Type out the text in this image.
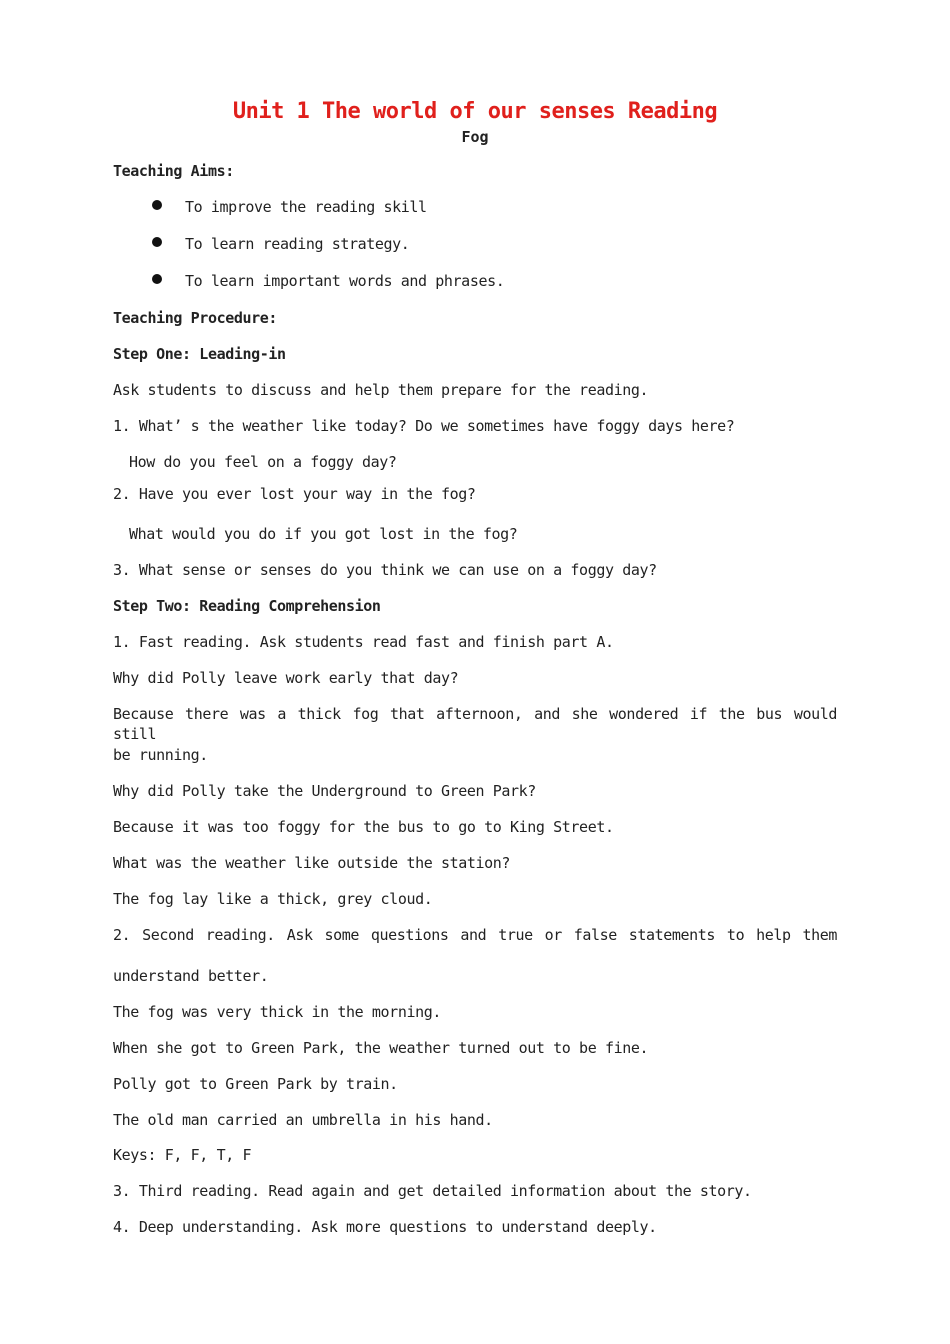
Unit 1 The world of our senses Reading
Fog
Teaching Aims:
To improve the reading skill
To learn reading strategy.
To learn important words and phrases.
Teaching Procedure:
Step One: Leading-in
Ask students to discuss and help them prepare for the reading.
1. What’ s the weather like today? Do we sometimes have foggy days here?
How do you feel on a foggy day?
2. Have you ever lost your way in the fog?
What would you do if you got lost in the fog?
3. What sense or senses do you think we can use on a foggy day?
Step Two: Reading Comprehension
1. Fast reading. Ask students read fast and finish part A.
Why did Polly leave work early that day?
Because there was a thick fog that afternoon, and she wondered if the bus would still
be running.
Why did Polly take the Underground to Green Park?
Because it was too foggy for the bus to go to King Street.
What was the weather like outside the station?
The fog lay like a thick, grey cloud.
2. Second reading. Ask some questions and true or false statements to help them
understand better.
The fog was very thick in the morning.
When she got to Green Park, the weather turned out to be fine.
Polly got to Green Park by train.
The old man carried an umbrella in his hand.
Keys: F, F, T, F
3. Third reading. Read again and get detailed information about the story.
4. Deep understanding. Ask more questions to understand deeply.
